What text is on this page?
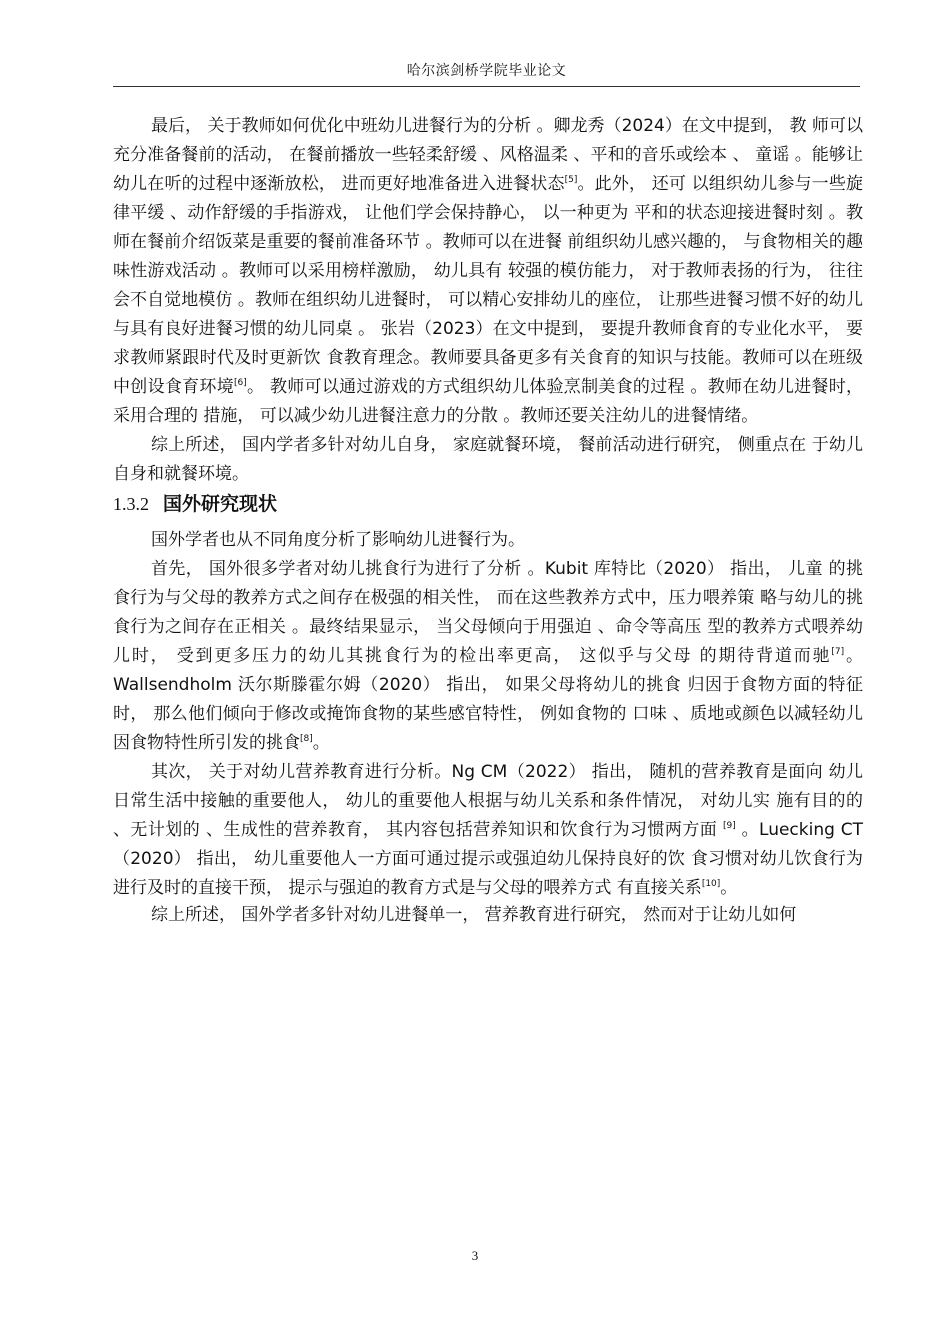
哈尔滨剑桥学院毕业论文

最后， 关于教师如何优化中班幼儿进餐行为的分析 。卿龙秀（2024）在文中提到， 教 师可以充分准备餐前的活动， 在餐前播放一些轻柔舒缓 、风格温柔 、平和的音乐或绘本 、 童谣 。能够让幼儿在听的过程中逐渐放松， 进而更好地准备进入进餐状态[5]。此外， 还可 以组织幼儿参与一些旋律平缓 、动作舒缓的手指游戏， 让他们学会保持静心， 以一种更为 平和的状态迎接进餐时刻 。教师在餐前介绍饭菜是重要的餐前准备环节 。教师可以在进餐 前组织幼儿感兴趣的， 与食物相关的趣味性游戏活动 。教师可以采用榜样激励， 幼儿具有 较强的模仿能力， 对于教师表扬的行为， 往往会不自觉地模仿 。教师在组织幼儿进餐时， 可以精心安排幼儿的座位， 让那些进餐习惯不好的幼儿与具有良好进餐习惯的幼儿同桌 。 张岩（2023）在文中提到， 要提升教师食育的专业化水平， 要求教师紧跟时代及时更新饮 食教育理念。教师要具备更多有关食育的知识与技能。教师可以在班级中创设食育环境[6]。 教师可以通过游戏的方式组织幼儿体验烹制美食的过程 。教师在幼儿进餐时， 采用合理的 措施， 可以减少幼儿进餐注意力的分散 。教师还要关注幼儿的进餐情绪。

综上所述， 国内学者多针对幼儿自身， 家庭就餐环境， 餐前活动进行研究， 侧重点在 于幼儿自身和就餐环境。

1.3.2 国外研究现状

国外学者也从不同角度分析了影响幼儿进餐行为。

首先， 国外很多学者对幼儿挑食行为进行了分析 。Kubit 库特比（2020） 指出， 儿童 的挑食行为与父母的教养方式之间存在极强的相关性， 而在这些教养方式中，压力喂养策 略与幼儿的挑食行为之间存在正相关 。最终结果显示， 当父母倾向于用强迫 、命令等高压 型的教养方式喂养幼儿时， 受到更多压力的幼儿其挑食行为的检出率更高， 这似乎与父母 的期待背道而驰[7]。Wallsendholm 沃尔斯滕霍尔姆（2020） 指出， 如果父母将幼儿的挑食 归因于食物方面的特征时， 那么他们倾向于修改或掩饰食物的某些感官特性， 例如食物的 口味 、质地或颜色以减轻幼儿因食物特性所引发的挑食[8]。

其次， 关于对幼儿营养教育进行分析。Ng CM（2022） 指出， 随机的营养教育是面向 幼儿日常生活中接触的重要他人， 幼儿的重要他人根据与幼儿关系和条件情况， 对幼儿实 施有目的的 、无计划的 、生成性的营养教育， 其内容包括营养知识和饮食行为习惯两方面 [9] 。Luecking CT（2020） 指出， 幼儿重要他人一方面可通过提示或强迫幼儿保持良好的饮 食习惯对幼儿饮食行为进行及时的直接干预， 提示与强迫的教育方式是与父母的喂养方式 有直接关系[10]。

综上所述， 国外学者多针对幼儿进餐单一， 营养教育进行研究， 然而对于让幼儿如何

3
